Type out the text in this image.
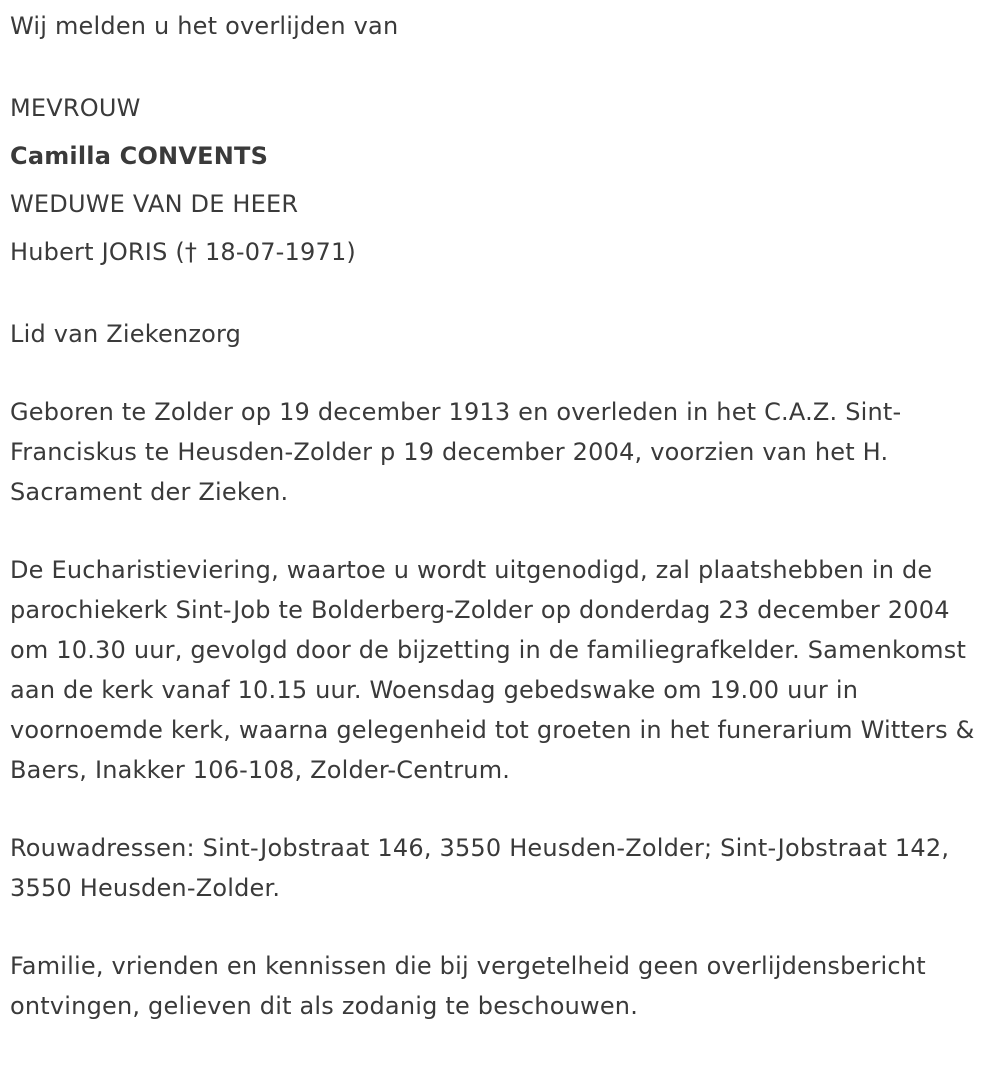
Wij melden u het overlijden van

MEVROUW
Camilla CONVENTS
WEDUWE VAN DE HEER
Hubert JORIS († 18-07-1971)

Lid van Ziekenzorg

Geboren te Zolder op 19 december 1913 en overleden in het C.A.Z. Sint-Franciskus te Heusden-Zolder p 19 december 2004, voorzien van het H. Sacrament der Zieken.

De Eucharistieviering, waartoe u wordt uitgenodigd, zal plaatshebben in de parochiekerk Sint-Job te Bolderberg-Zolder op donderdag 23 december 2004 om 10.30 uur, gevolgd door de bijzetting in de familiegrafkelder. Samenkomst aan de kerk vanaf 10.15 uur. Woensdag gebedswake om 19.00 uur in voornoemde kerk, waarna gelegenheid tot groeten in het funerarium Witters & Baers, Inakker 106-108, Zolder-Centrum.

Rouwadressen: Sint-Jobstraat 146, 3550 Heusden-Zolder; Sint-Jobstraat 142, 3550 Heusden-Zolder.

Familie, vrienden en kennissen die bij vergetelheid geen overlijdensbericht ontvingen, gelieven dit als zodanig te beschouwen.
